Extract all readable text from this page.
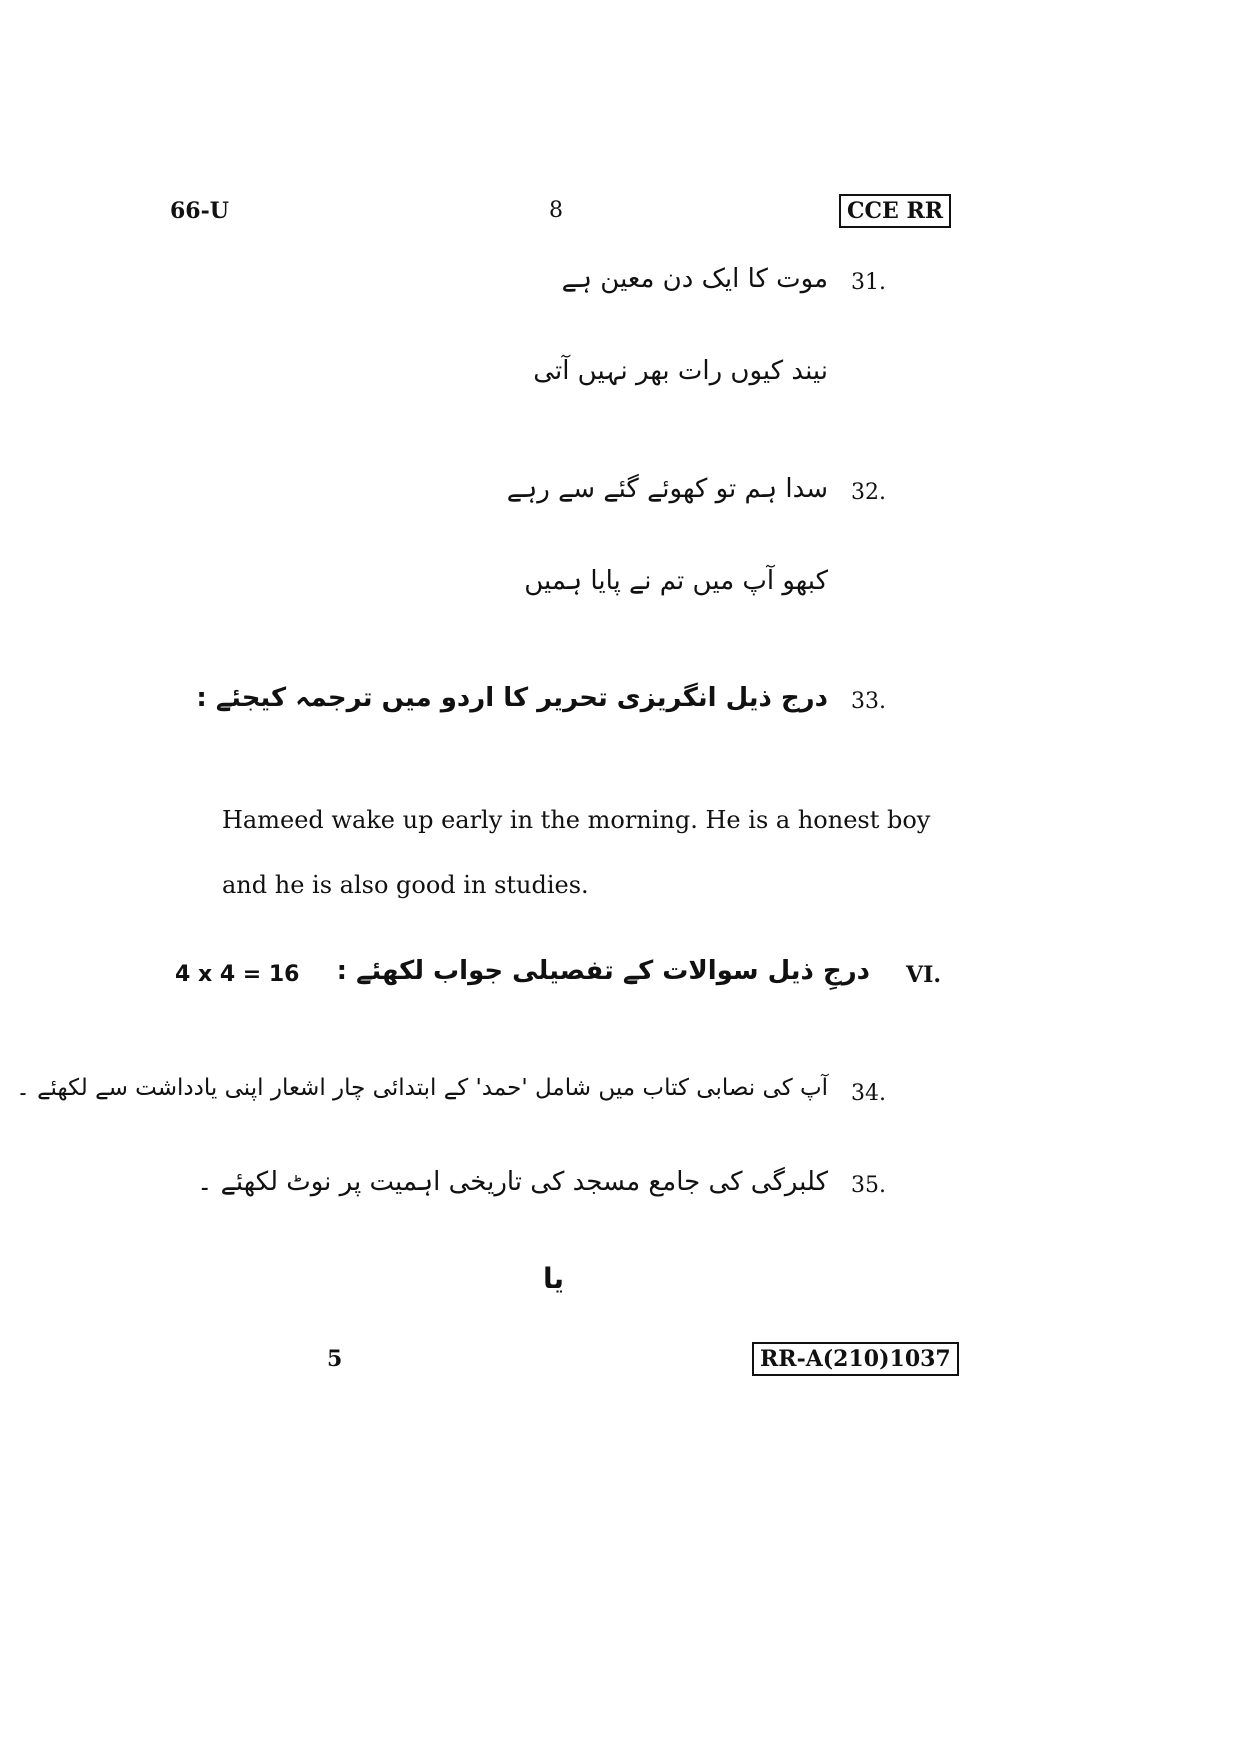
66-U	8	CCE RR
31.
موت کا ایک دن معین ہے
نیند کیوں رات بھر نہیں آتی
32.
سدا ہم تو کھوئے گئے سے رہے
کبھو آپ میں تم نے پایا ہمیں
33.
درج ذیل انگریزی تحریر کا اردو میں ترجمہ کیجئے :
Hameed wake up early in the morning. He is a honest boy
and he is also good in studies.
4 x 4 = 16 درجِ ذیل سوالات کے تفصیلی جواب لکھئے : VI.
34.
آپ کی نصابی کتاب میں شامل 'حمد' کے ابتدائی چار اشعار اپنی یادداشت سے لکھئے ۔
35.
کلبرگی کی جامع مسجد کی تاریخی اہمیت پر نوٹ لکھئے ۔
یا
5	RR-A(210)1037
